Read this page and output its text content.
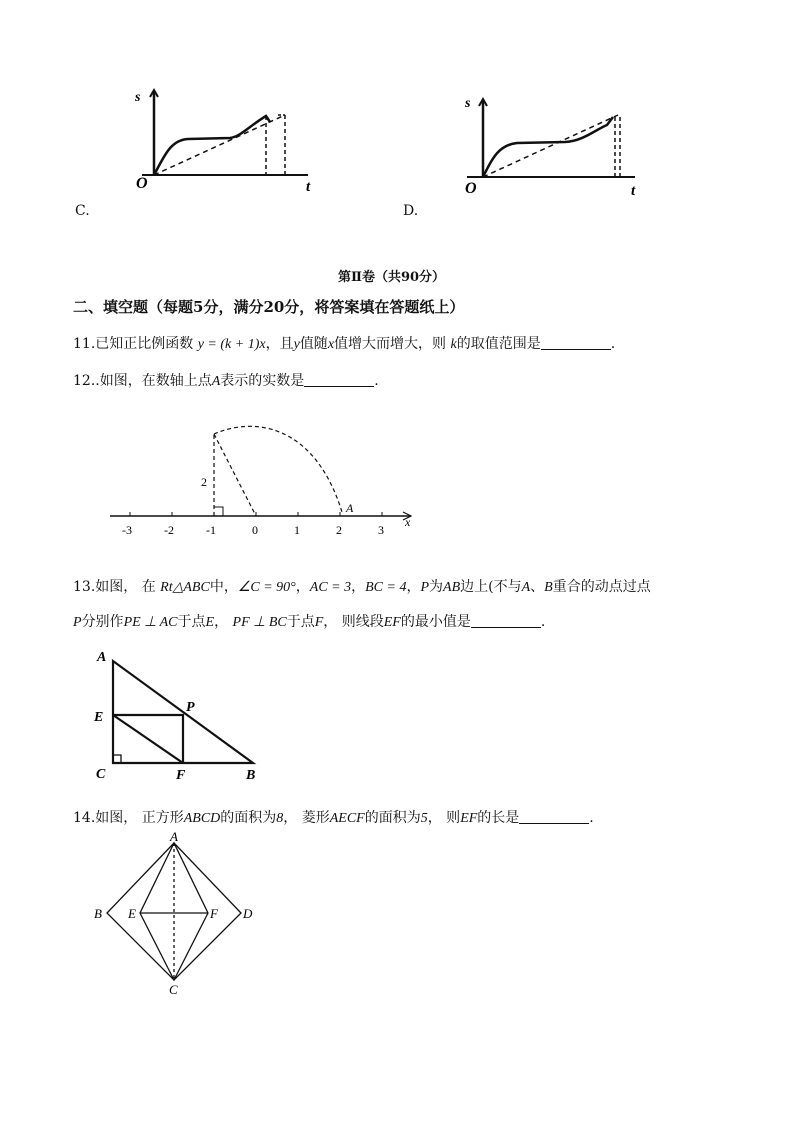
s
t
O
C.
s
t
O
D.
第Ⅱ卷（共90分）
二、填空题（每题5分，满分20分，将答案填在答题纸上）
11.已知正比例函数 y = (k + 1)x，且y值随x值增大而增大，则 k的取值范围是	.
12..如图，在数轴上点A表示的实数是	.
x
-3	-2	-1	0	1	2	3
2
A
13.如图， 在 Rt△ABC中，∠C = 90°，AC = 3，BC = 4，P为AB边上(不与A、B重合的动点过点
P分别作PE ⊥ AC于点E， PF ⊥ BC于点F， 则线段EF的最小值是	.
A
E
P
C	F	B
14.如图， 正方形ABCD的面积为8， 菱形AECF的面积为5， 则EF的长是	.
A
B E	F D
C
